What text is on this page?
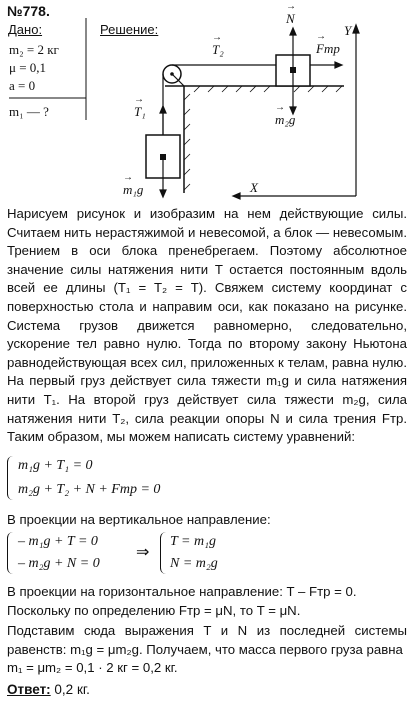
№778.
Дано:
m₂ = 2 кг
μ = 0,1
a = 0
m₁ — ?
Решение:
→ N
→ T₂
→	Fтр
Y
→ T₁
→ m₂g
→ m₁g	X

Нарисуем рисунок и изобразим на нем действующие силы. Считаем нить нерастяжимой и невесомой, а блок — невесомым. Трением в оси блока пренебрегаем. Поэтому абсолютное значение силы натяжения нити T остается постоянным вдоль всей ее длины (T₁ = T₂ = T). Свяжем систему координат с поверхностью стола и направим оси, как показано на рисунке. Система грузов движется равномерно, следовательно, ускорение тел равно нулю. Тогда по второму закону Ньютона равнодействующая всех сил, приложенных к телам, равна нулю. На первый груз действует сила тяжести m₁g и сила натяжения нити T₁. На второй груз действует сила тяжести m₂g, сила натяжения нити T₂, сила реакции опоры N и сила трения Fтр. Таким образом, мы можем написать систему уравнений:

m₁g + T₁ = 0
m₂g + T₂ + N + Fтр = 0
В проекции на вертикальное направление:
– m₁g + T = 0
– m₂g + N = 0
⇒
T = m₁g
N = m₂g
В проекции на горизонтальное направление: T – Fтр = 0.
Поскольку по определению Fтр = μN, то T = μN.
Подставим сюда выражения T и N из последней системы равенств: m₁g = μm₂g. Получаем, что масса первого груза равна
m₁ = μm₂ = 0,1 · 2 кг = 0,2 кг.
Ответ: 0,2 кг.
